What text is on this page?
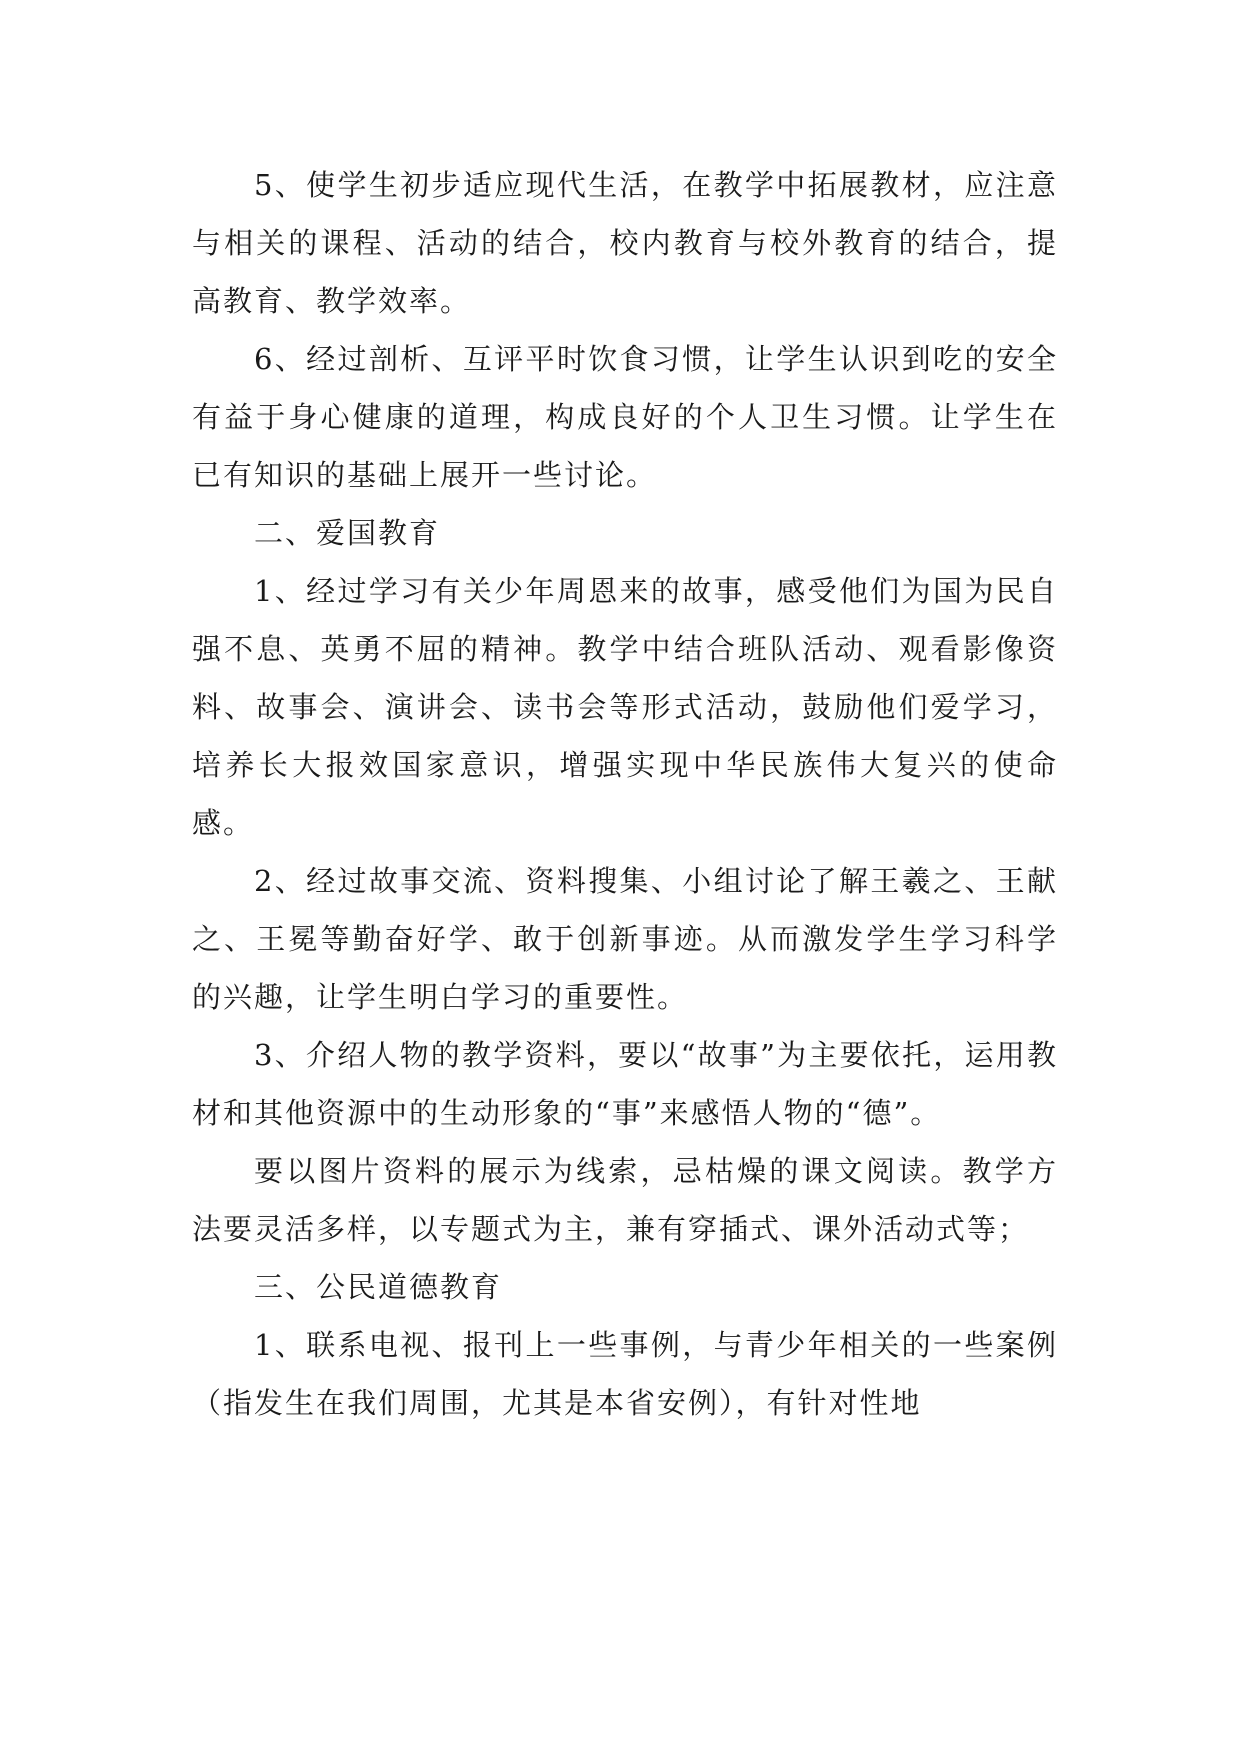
5、使学生初步适应现代生活，在教学中拓展教材，应注意与相关的课程、活动的结合，校内教育与校外教育的结合，提高教育、教学效率。

6、经过剖析、互评平时饮食习惯，让学生认识到吃的安全有益于身心健康的道理，构成良好的个人卫生习惯。让学生在已有知识的基础上展开一些讨论。

二、爱国教育

1、经过学习有关少年周恩来的故事，感受他们为国为民自强不息、英勇不屈的精神。教学中结合班队活动、观看影像资料、故事会、演讲会、读书会等形式活动，鼓励他们爱学习，培养长大报效国家意识，增强实现中华民族伟大复兴的使命感。

2、经过故事交流、资料搜集、小组讨论了解王羲之、王献之、王冕等勤奋好学、敢于创新事迹。从而激发学生学习科学的兴趣，让学生明白学习的重要性。

3、介绍人物的教学资料，要以“故事”为主要依托，运用教材和其他资源中的生动形象的“事”来感悟人物的“德”。

要以图片资料的展示为线索，忌枯燥的课文阅读。教学方法要灵活多样，以专题式为主，兼有穿插式、课外活动式等；

三、公民道德教育

1、联系电视、报刊上一些事例，与青少年相关的一些案例（指发生在我们周围，尤其是本省安例），有针对性地
